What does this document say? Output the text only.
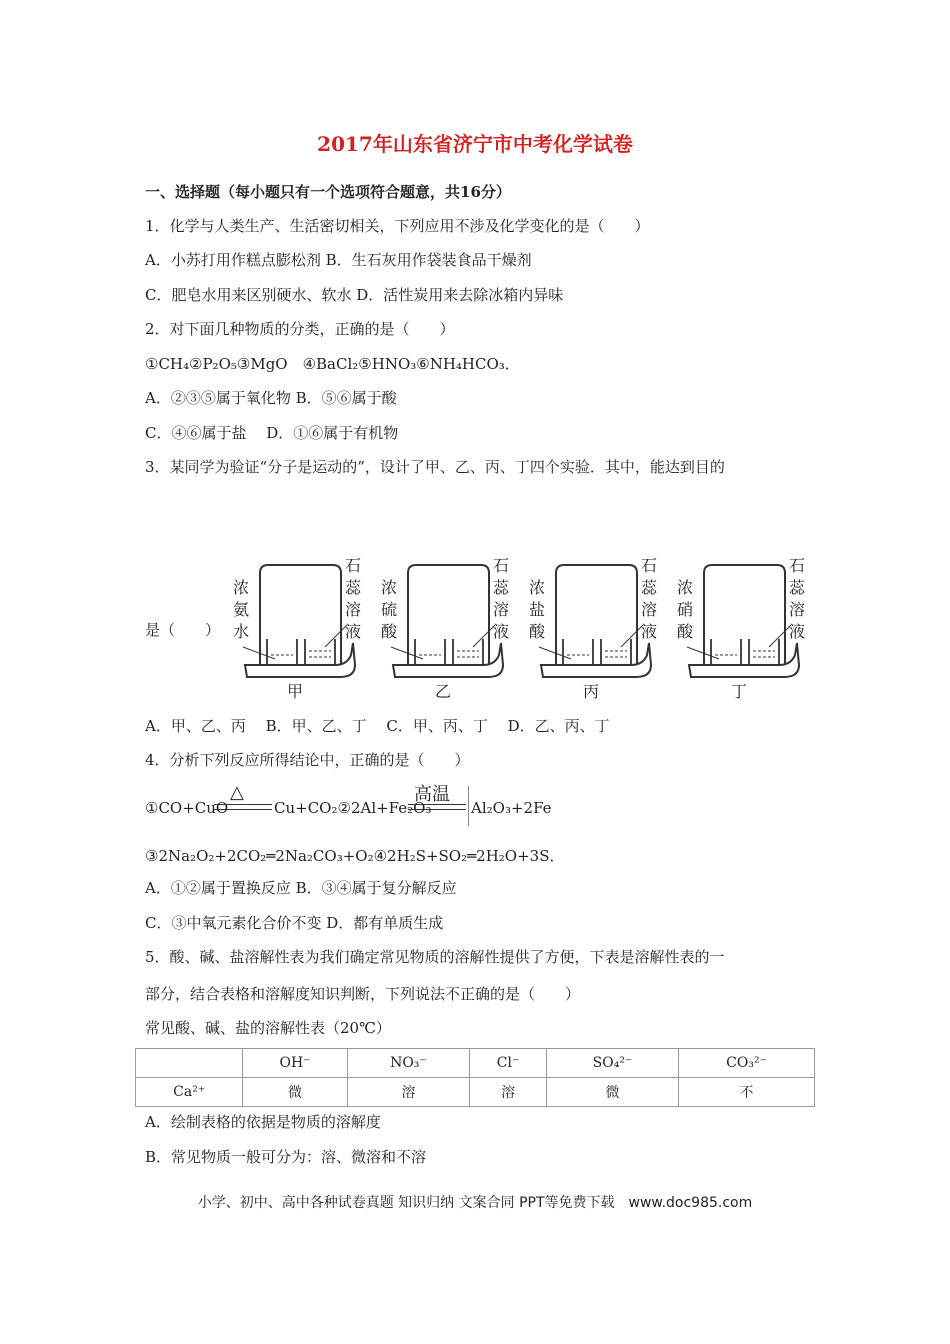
2017年山东省济宁市中考化学试卷
一、选择题（每小题只有一个选项符合题意，共16分）
1．化学与人类生产、生活密切相关，下列应用不涉及化学变化的是（　　）
A．小苏打用作糕点膨松剂 B．生石灰用作袋装食品干燥剂
C．肥皂水用来区别硬水、软水 D．活性炭用来去除冰箱内异味
2．对下面几种物质的分类，正确的是（　　）
①CH₄②P₂O₅③MgO　④BaCl₂⑤HNO₃⑥NH₄HCO₃．
A．②③⑤属于氧化物 B．⑤⑥属于酸
C．④⑥属于盐　 D．①⑥属于有机物
3．某同学为验证“分子是运动的”，设计了甲、乙、丙、丁四个实验．其中，能达到目的
是（　　）
浓
氨
水
石
蕊
溶
液
甲
浓
硫
酸
石
蕊
溶
液
乙
浓
盐
酸
石
蕊
溶
液
丙
浓
硝
酸
石
蕊
溶
液
丁
A．甲、乙、丙　 B．甲、乙、丁　 C．甲、丙、丁　 D．乙、丙、丁
4．分析下列反应所得结论中，正确的是（　　）
①CO+CuO
△
Cu+CO₂②2Al+Fe₂O₃
高温
Al₂O₃+2Fe
③2Na₂O₂+2CO₂═2Na₂CO₃+O₂④2H₂S+SO₂═2H₂O+3S．
A．①②属于置换反应 B．③④属于复分解反应
C．③中氧元素化合价不变 D．都有单质生成
5．酸、碱、盐溶解性表为我们确定常见物质的溶解性提供了方便，下表是溶解性表的一
部分，结合表格和溶解度知识判断，下列说法不正确的是（　　）
常见酸、碱、盐的溶解性表（20℃）
	OH⁻	NO₃⁻	Cl⁻	SO₄²⁻	CO₃²⁻
Ca²⁺	微	溶	溶	微	不
A．绘制表格的依据是物质的溶解度
B．常见物质一般可分为：溶、微溶和不溶
小学、初中、高中各种试卷真题 知识归纳 文案合同 PPT等免费下载　www.doc985.com
